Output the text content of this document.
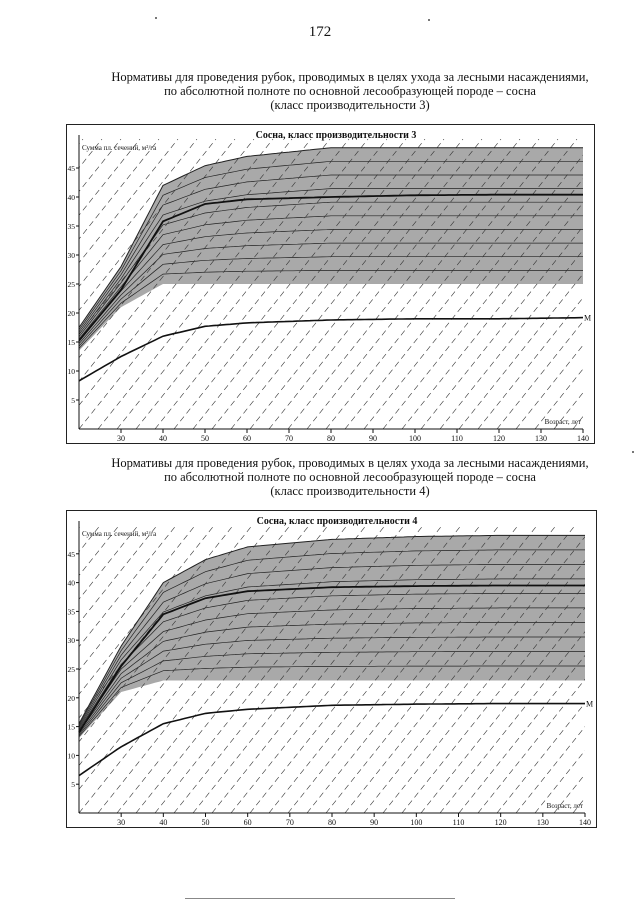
172
Нормативы для проведения рубок, проводимых в целях ухода за лесными насаждениями,
по абсолютной полноте по основной лесообразующей породе – сосна
(класс производительности 3)
30	40	50	60	70	80	90	100	110	120	130	140
5
10
15
20
25
30
35
40
45
Сосна, класс производительности 3
Сумма пл. сечений, м²/га
Возраст, лет
М
Нормативы для проведения рубок, проводимых в целях ухода за лесными насаждениями,
по абсолютной полноте по основной лесообразующей породе – сосна
(класс производительности 4)
30	40	50	60	70	80	90	100	110	120	130	140
5
10
15
20
25
30
35
40
45
Сосна, класс производительности 4
Сумма пл. сечений, м²/га
Возраст, лет
М
